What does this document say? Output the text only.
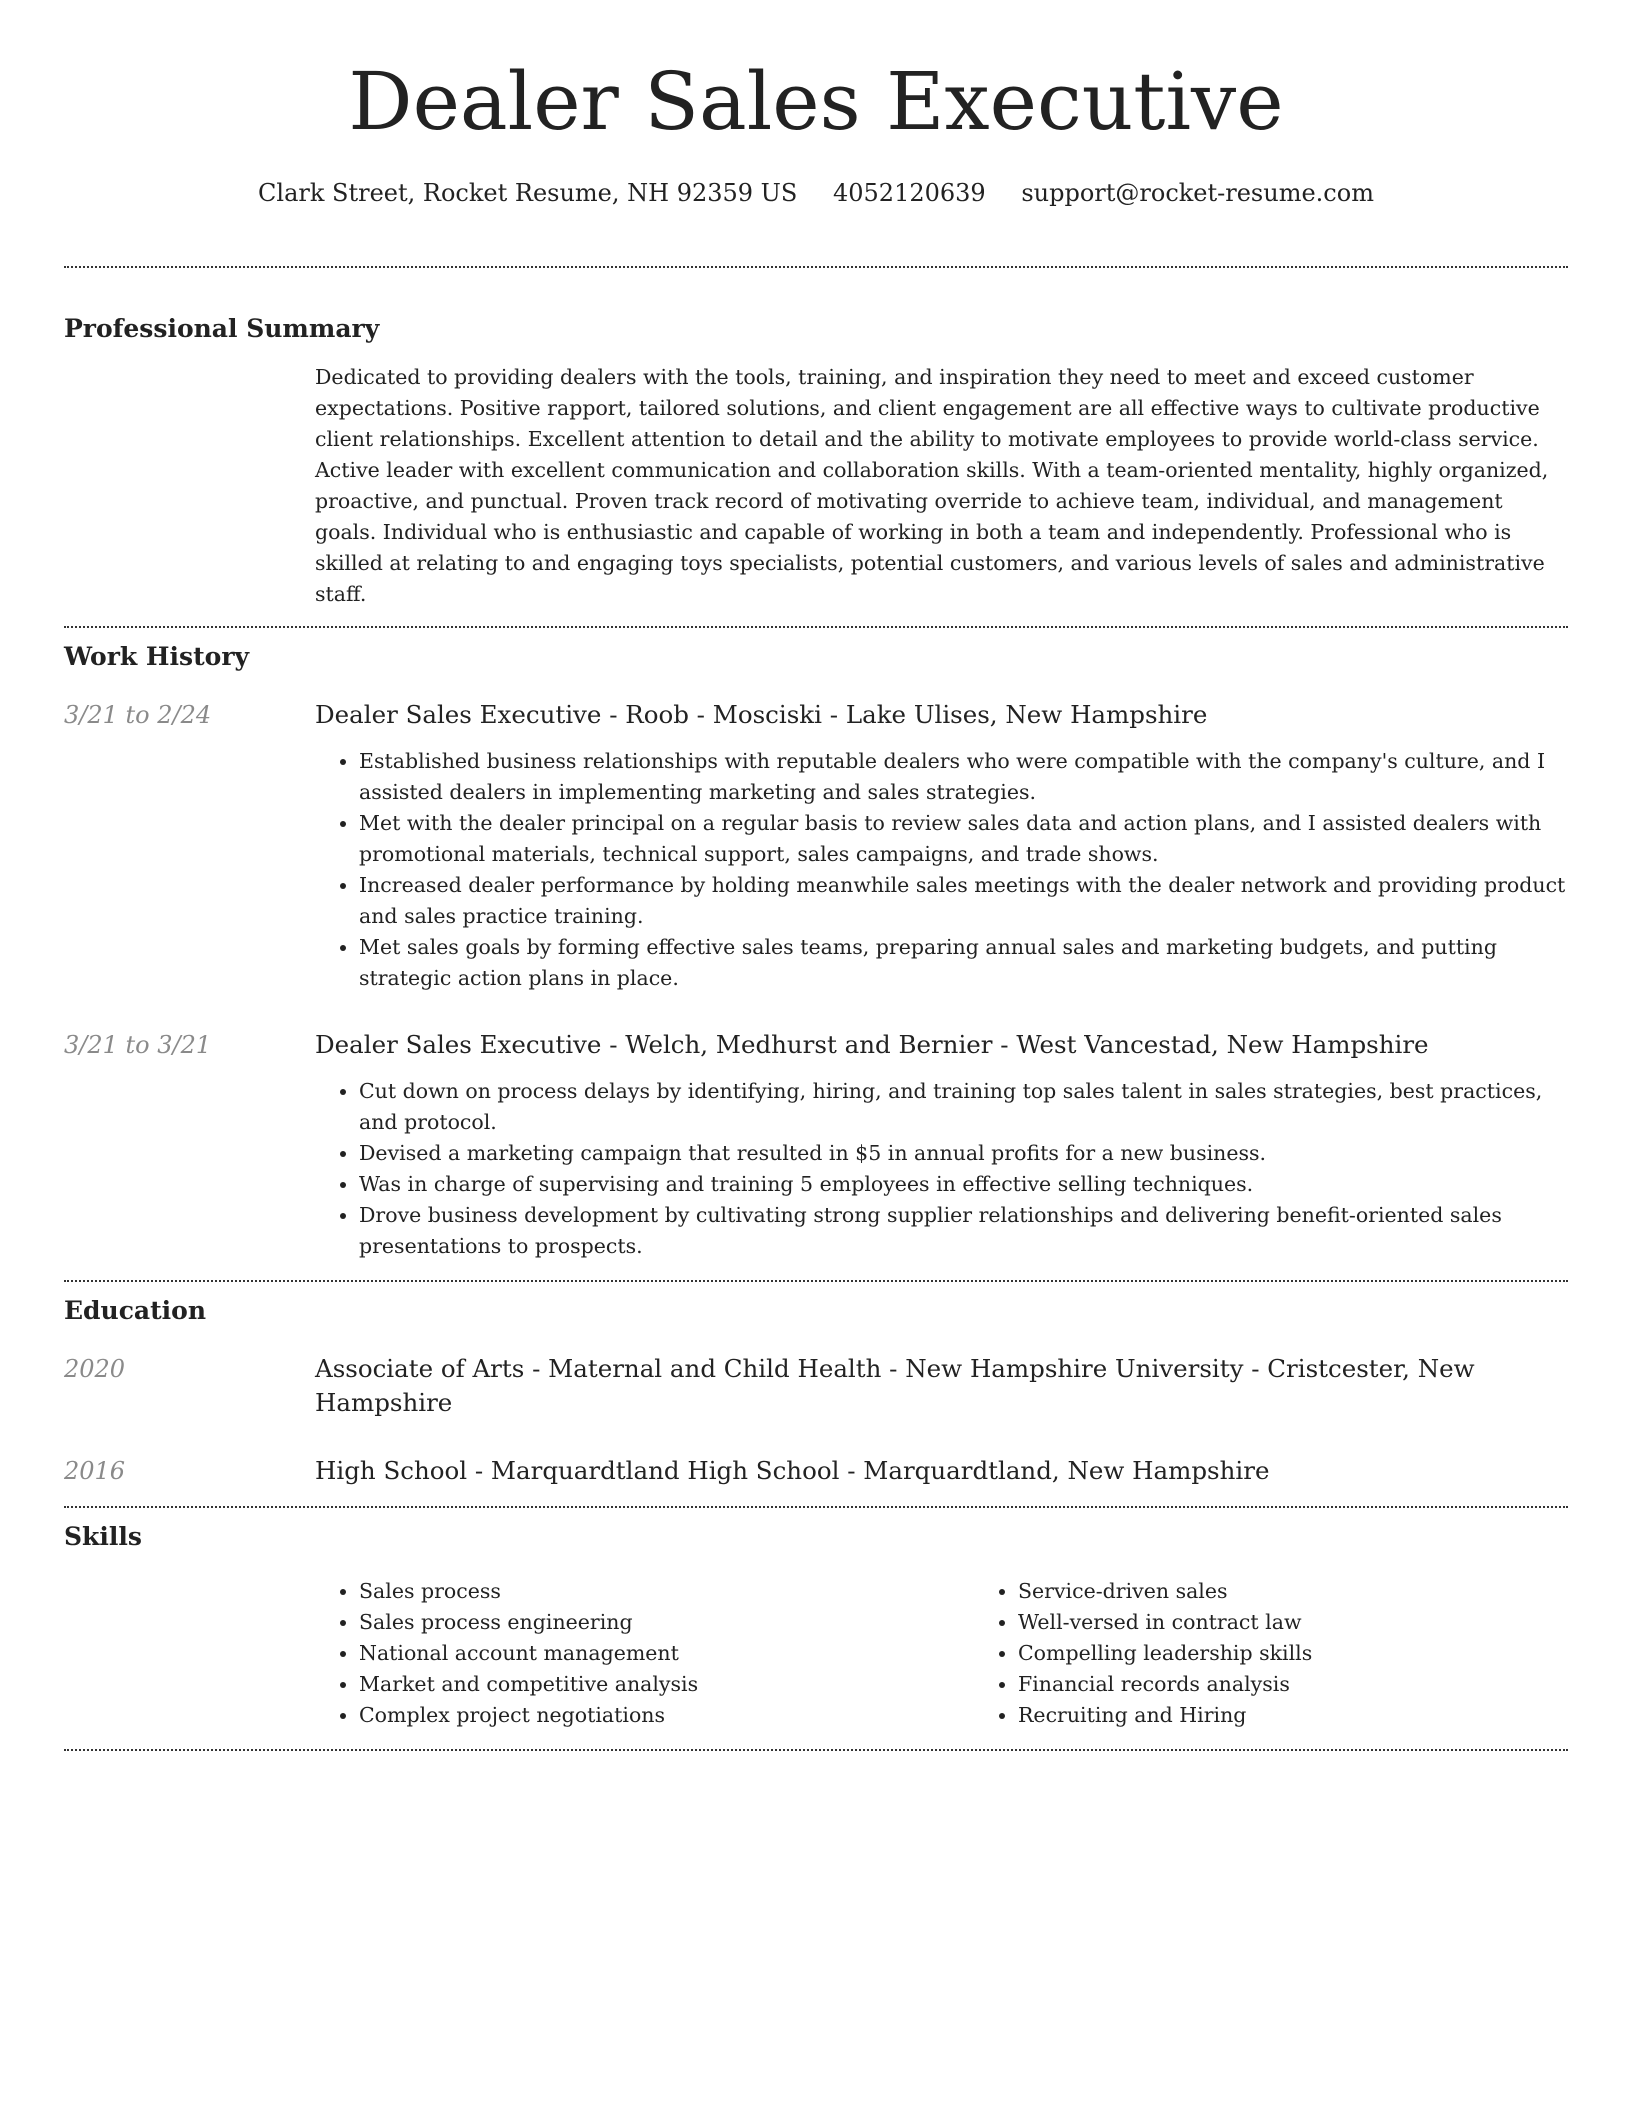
Dealer Sales Executive
Clark Street, Rocket Resume, NH 92359 US 4052120639 support@rocket-resume.com
Professional Summary

Dedicated to providing dealers with the tools, training, and inspiration they need to meet and exceed customer expectations. Positive rapport, tailored solutions, and client engagement are all effective ways to cultivate productive client relationships. Excellent attention to detail and the ability to motivate employees to provide world-class service. Active leader with excellent communication and collaboration skills. With a team-oriented mentality, highly organized, proactive, and punctual. Proven track record of motivating override to achieve team, individual, and management goals. Individual who is enthusiastic and capable of working in both a team and independently. Professional who is skilled at relating to and engaging toys specialists, potential customers, and various levels of sales and administrative staff.

Work History
3/21 to 2/24	Dealer Sales Executive - Roob - Mosciski - Lake Ulises, New Hampshire

• Established business relationships with reputable dealers who were compatible with the company's culture, and I assisted dealers in implementing marketing and sales strategies.
• Met with the dealer principal on a regular basis to review sales data and action plans, and I assisted dealers with promotional materials, technical support, sales campaigns, and trade shows.
• Increased dealer performance by holding meanwhile sales meetings with the dealer network and providing product and sales practice training.
• Met sales goals by forming effective sales teams, preparing annual sales and marketing budgets, and putting strategic action plans in place.
3/21 to 3/21	Dealer Sales Executive - Welch, Medhurst and Bernier - West Vancestad, New Hampshire

• Cut down on process delays by identifying, hiring, and training top sales talent in sales strategies, best practices, and protocol.
• Devised a marketing campaign that resulted in $5 in annual profits for a new business.
• Was in charge of supervising and training 5 employees in effective selling techniques.
• Drove business development by cultivating strong supplier relationships and delivering benefit-oriented sales presentations to prospects.
Education
2020	Associate of Arts - Maternal and Child Health - New Hampshire University - Cristcester, New Hampshire

2016	High School - Marquardtland High School - Marquardtland, New Hampshire

Skills
• Sales process
• Sales process engineering
• National account management
• Market and competitive analysis
• Complex project negotiations
• Service-driven sales
• Well-versed in contract law
• Compelling leadership skills
• Financial records analysis
• Recruiting and Hiring
